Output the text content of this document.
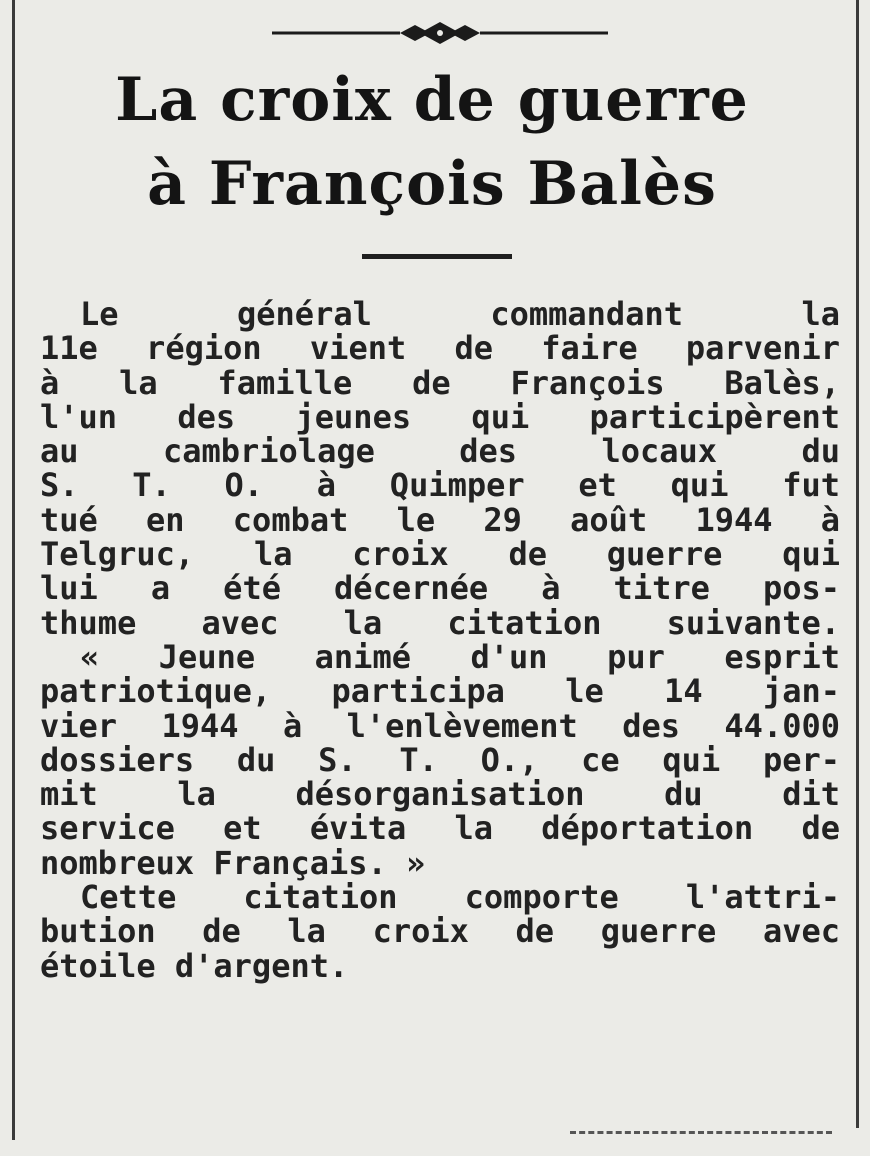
La croix de guerre
à François Balès
Le général commandant la
11e région vient de faire parvenir
à la famille de François Balès,
l'un des jeunes qui participèrent
au cambriolage des locaux du
S. T. O. à Quimper et qui fut
tué en combat le 29 août 1944 à
Telgruc, la croix de guerre qui
lui a été décernée à titre pos-
thume avec la citation suivante.
« Jeune animé d'un pur esprit
patriotique, participa le 14 jan-
vier 1944 à l'enlèvement des 44.000
dossiers du S. T. O., ce qui per-
mit la désorganisation du dit
service et évita la déportation de
nombreux Français. »
Cette citation comporte l'attri-
bution de la croix de guerre avec
étoile d'argent.
